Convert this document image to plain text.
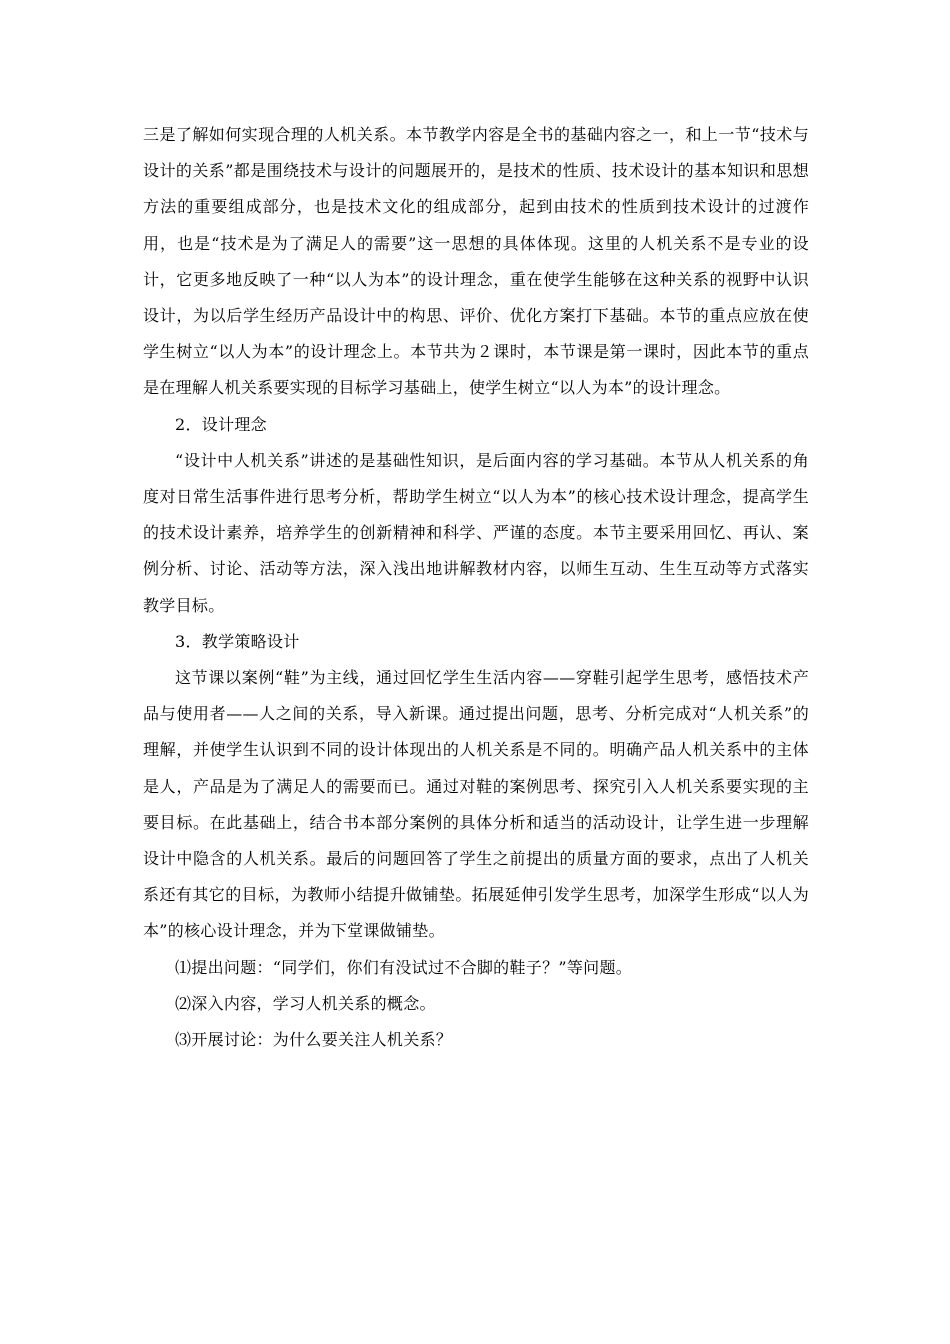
三是了解如何实现合理的人机关系。本节教学内容是全书的基础内容之一，和上一节“技术与设计的关系”都是围绕技术与设计的问题展开的，是技术的性质、技术设计的基本知识和思想方法的重要组成部分，也是技术文化的组成部分，起到由技术的性质到技术设计的过渡作用，也是“技术是为了满足人的需要”这一思想的具体体现。这里的人机关系不是专业的设计，它更多地反映了一种“以人为本”的设计理念，重在使学生能够在这种关系的视野中认识设计，为以后学生经历产品设计中的构思、评价、优化方案打下基础。本节的重点应放在使学生树立“以人为本”的设计理念上。本节共为２课时，本节课是第一课时，因此本节的重点是在理解人机关系要实现的目标学习基础上，使学生树立“以人为本”的设计理念。

2．设计理念

“设计中人机关系”讲述的是基础性知识，是后面内容的学习基础。本节从人机关系的角度对日常生活事件进行思考分析，帮助学生树立“以人为本”的核心技术设计理念，提高学生的技术设计素养，培养学生的创新精神和科学、严谨的态度。本节主要采用回忆、再认、案例分析、讨论、活动等方法，深入浅出地讲解教材内容，以师生互动、生生互动等方式落实教学目标。

3．教学策略设计

这节课以案例“鞋”为主线，通过回忆学生生活内容——穿鞋引起学生思考，感悟技术产品与使用者——人之间的关系，导入新课。通过提出问题，思考、分析完成对“人机关系”的理解，并使学生认识到不同的设计体现出的人机关系是不同的。明确产品人机关系中的主体是人，产品是为了满足人的需要而已。通过对鞋的案例思考、探究引入人机关系要实现的主要目标。在此基础上，结合书本部分案例的具体分析和适当的活动设计，让学生进一步理解设计中隐含的人机关系。最后的问题回答了学生之前提出的质量方面的要求，点出了人机关系还有其它的目标，为教师小结提升做铺垫。拓展延伸引发学生思考，加深学生形成“以人为本”的核心设计理念，并为下堂课做铺垫。

⑴提出问题：“同学们，你们有没试过不合脚的鞋子？”等问题。

⑵深入内容，学习人机关系的概念。

⑶开展讨论：为什么要关注人机关系？
